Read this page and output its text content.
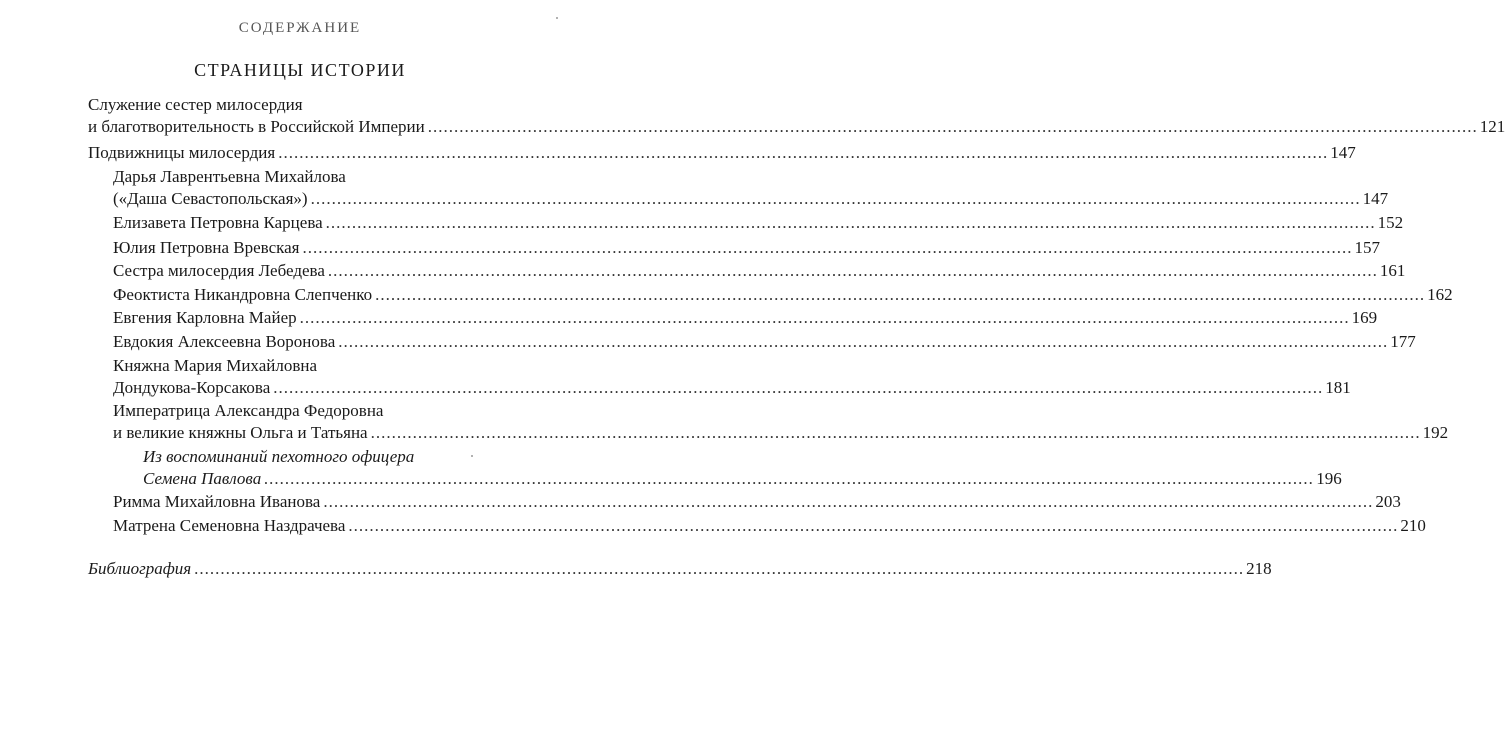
СОДЕРЖАНИЕ
СТРАНИЦЫ ИСТОРИИ
Служение сестер милосердия
и благотворительность в Российской Империи ........................................................................................................................................................................................................ 121
Подвижницы милосердия ........................................................................................................................................................................................................ 147
Дарья Лаврентьевна Михайлова
(«Даша Севастопольская») ........................................................................................................................................................................................................ 147
Елизавета Петровна Карцева ........................................................................................................................................................................................................ 152
Юлия Петровна Вревская ........................................................................................................................................................................................................ 157
Сестра милосердия Лебедева ........................................................................................................................................................................................................ 161
Феоктиста Никандровна Слепченко ........................................................................................................................................................................................................ 162
Евгения Карловна Майер ........................................................................................................................................................................................................ 169
Евдокия Алексеевна Воронова ........................................................................................................................................................................................................ 177
Княжна Мария Михайловна
Дондукова-Корсакова ........................................................................................................................................................................................................ 181
Императрица Александра Федоровна
и великие княжны Ольга и Татьяна ........................................................................................................................................................................................................ 192
Из воспоминаний пехотного офицера
Семена Павлова ........................................................................................................................................................................................................ 196
Римма Михайловна Иванова ........................................................................................................................................................................................................ 203
Матрена Семеновна Наздрачева ........................................................................................................................................................................................................ 210
Библиография ........................................................................................................................................................................................................ 218
